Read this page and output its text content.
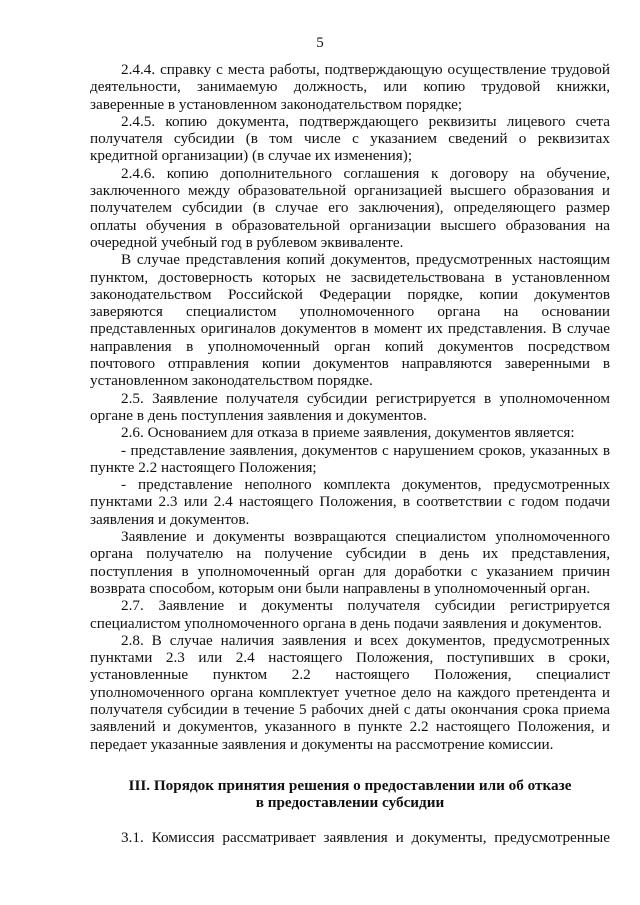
5

2.4.4. справку с места работы, подтверждающую осуществление трудовой деятельности, занимаемую должность, или копию трудовой книжки, заверенные в установленном законодательством порядке;

2.4.5. копию документа, подтверждающего реквизиты лицевого счета получателя субсидии (в том числе с указанием сведений о реквизитах кредитной организации) (в случае их изменения);

2.4.6. копию дополнительного соглашения к договору на обучение, заключенного между образовательной организацией высшего образования и получателем субсидии (в случае его заключения), определяющего размер оплаты обучения в образовательной организации высшего образования на очередной учебный год в рублевом эквиваленте.

В случае представления копий документов, предусмотренных настоящим пунктом, достоверность которых не засвидетельствована в установленном законодательством Российской Федерации порядке, копии документов заверяются специалистом уполномоченного органа на основании представленных оригиналов документов в момент их представления. В случае направления в уполномоченный орган копий документов посредством почтового отправления копии документов направляются заверенными в установленном законодательством порядке.

2.5. Заявление получателя субсидии регистрируется в уполномоченном органе в день поступления заявления и документов.

2.6. Основанием для отказа в приеме заявления, документов является:

- представление заявления, документов с нарушением сроков, указанных в пункте 2.2 настоящего Положения;

- представление неполного комплекта документов, предусмотренных пунктами 2.3 или 2.4 настоящего Положения, в соответствии с годом подачи заявления и документов.

Заявление и документы возвращаются специалистом уполномоченного органа получателю на получение субсидии в день их представления, поступления в уполномоченный орган для доработки с указанием причин возврата способом, которым они были направлены в уполномоченный орган.

2.7. Заявление и документы получателя субсидии регистрируется специалистом уполномоченного органа в день подачи заявления и документов.

2.8. В случае наличия заявления и всех документов, предусмотренных пунктами 2.3 или 2.4 настоящего Положения, поступивших в сроки, установленные пунктом 2.2 настоящего Положения, специалист уполномоченного органа комплектует учетное дело на каждого претендента и получателя субсидии в течение 5 рабочих дней с даты окончания срока приема заявлений и документов, указанного в пункте 2.2 настоящего Положения, и передает указанные заявления и документы на рассмотрение комиссии.

III. Порядок принятия решения о предоставлении или об отказе
в предоставлении субсидии

3.1. Комиссия рассматривает заявления и документы, предусмотренные
